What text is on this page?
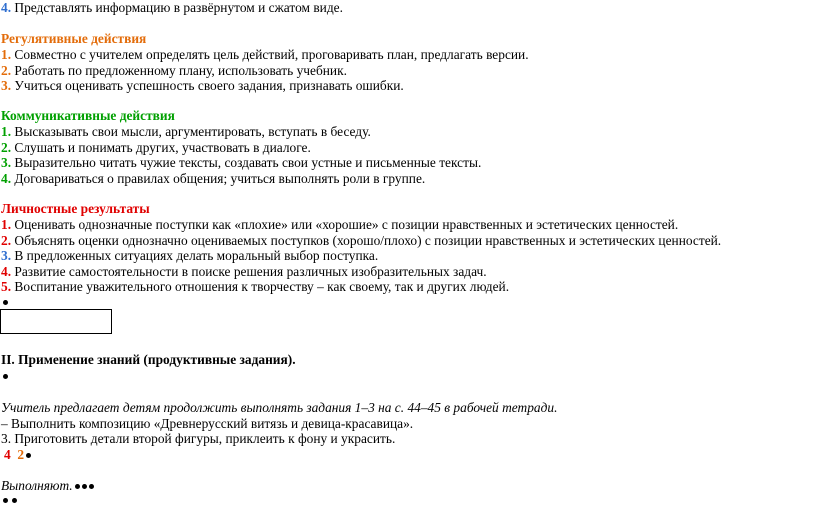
4. Представлять информацию в развёрнутом и сжатом виде.
Регулятивные действия
1. Совместно с учителем определять цель действий, проговаривать план, предлагать версии.
2. Работать по предложенному плану, использовать учебник.
3. Учиться оценивать успешность своего задания, признавать ошибки.
Коммуникативные действия
1. Высказывать свои мысли, аргументировать, вступать в беседу.
2. Слушать и понимать других, участвовать в диалоге.
3. Выразительно читать чужие тексты, создавать свои устные и письменные тексты.
4. Договариваться о правилах общения; учиться выполнять роли в группе.
Личностные результаты
1. Оценивать однозначные поступки как «плохие» или «хорошие» с позиции нравственных и эстетических ценностей.
2. Объяснять оценки однозначно оцениваемых поступков (хорошо/плохо) с позиции нравственных и эстетических ценностей.
3. В предложенных ситуациях делать моральный выбор поступка.
4. Развитие самостоятельности в поиске решения различных изобразительных задач.
5. Воспитание уважительного отношения к творчеству – как своему, так и других людей.
II. Применение знаний (продуктивные задания).
Учитель предлагает детям продолжить выполнять задания 1–3 на с. 44–45 в рабочей тетради.
– Выполнить композицию «Древнерусский витязь и девица-красавица».
3. Приготовить детали второй фигуры, приклеить к фону и украсить.
4 2
Выполняют.
